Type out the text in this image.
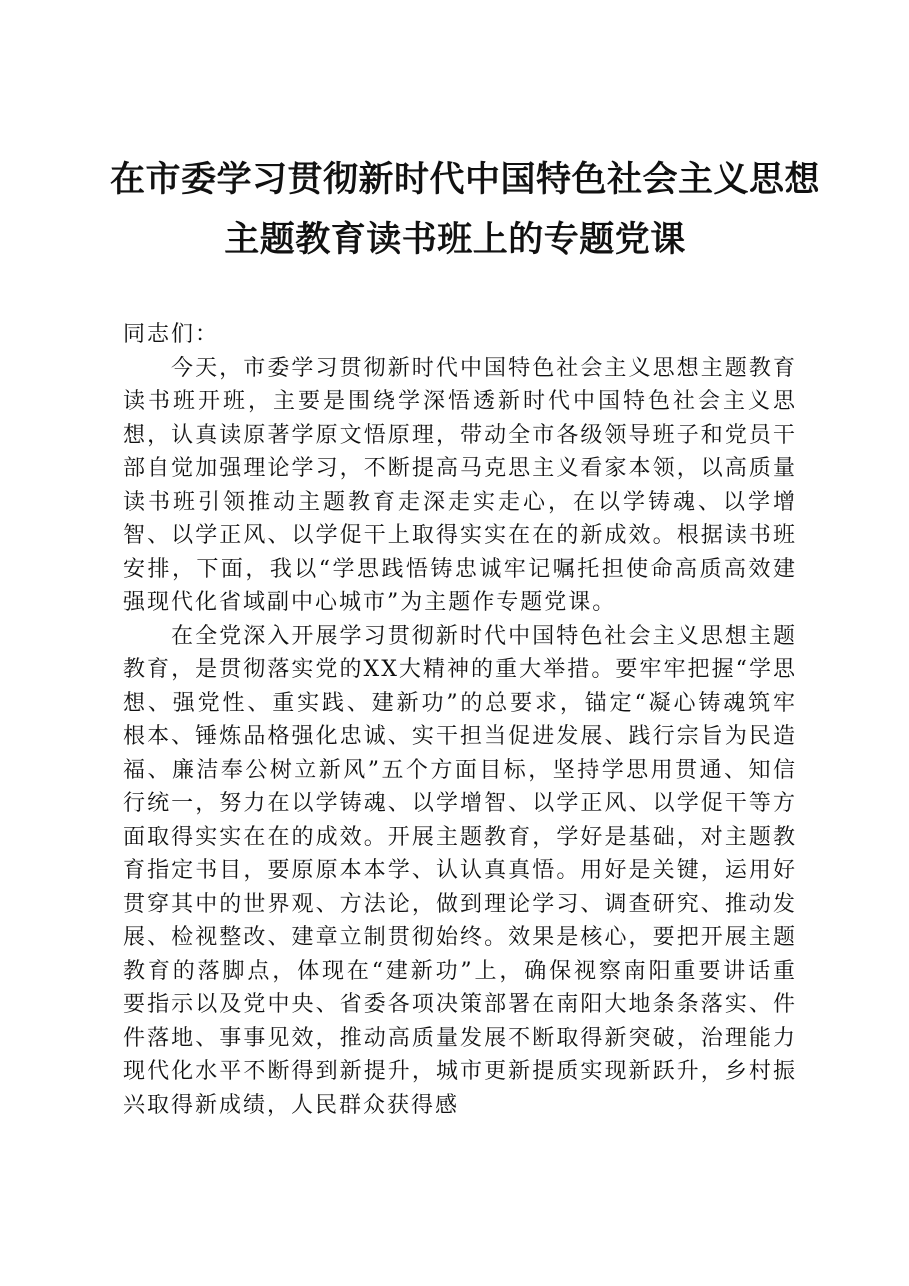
在市委学习贯彻新时代中国特色社会主义思想
主题教育读书班上的专题党课

同志们：

今天，市委学习贯彻新时代中国特色社会主义思想主题教育读书班开班，主要是围绕学深悟透新时代中国特色社会主义思想，认真读原著学原文悟原理，带动全市各级领导班子和党员干部自觉加强理论学习，不断提高马克思主义看家本领，以高质量读书班引领推动主题教育走深走实走心，在以学铸魂、以学增智、以学正风、以学促干上取得实实在在的新成效。根据读书班安排，下面，我以“学思践悟铸忠诚牢记嘱托担使命高质高效建强现代化省域副中心城市”为主题作专题党课。

在全党深入开展学习贯彻新时代中国特色社会主义思想主题教育，是贯彻落实党的XX大精神的重大举措。要牢牢把握“学思想、强党性、重实践、建新功”的总要求，锚定“凝心铸魂筑牢根本、锤炼品格强化忠诚、实干担当促进发展、践行宗旨为民造福、廉洁奉公树立新风”五个方面目标，坚持学思用贯通、知信行统一，努力在以学铸魂、以学增智、以学正风、以学促干等方面取得实实在在的成效。开展主题教育，学好是基础，对主题教育指定书目，要原原本本学、认认真真悟。用好是关键，运用好贯穿其中的世界观、方法论，做到理论学习、调查研究、推动发展、检视整改、建章立制贯彻始终。效果是核心，要把开展主题教育的落脚点，体现在“建新功”上，确保视察南阳重要讲话重要指示以及党中央、省委各项决策部署在南阳大地条条落实、件件落地、事事见效，推动高质量发展不断取得新突破，治理能力现代化水平不断得到新提升，城市更新提质实现新跃升，乡村振兴取得新成绩，人民群众获得感
